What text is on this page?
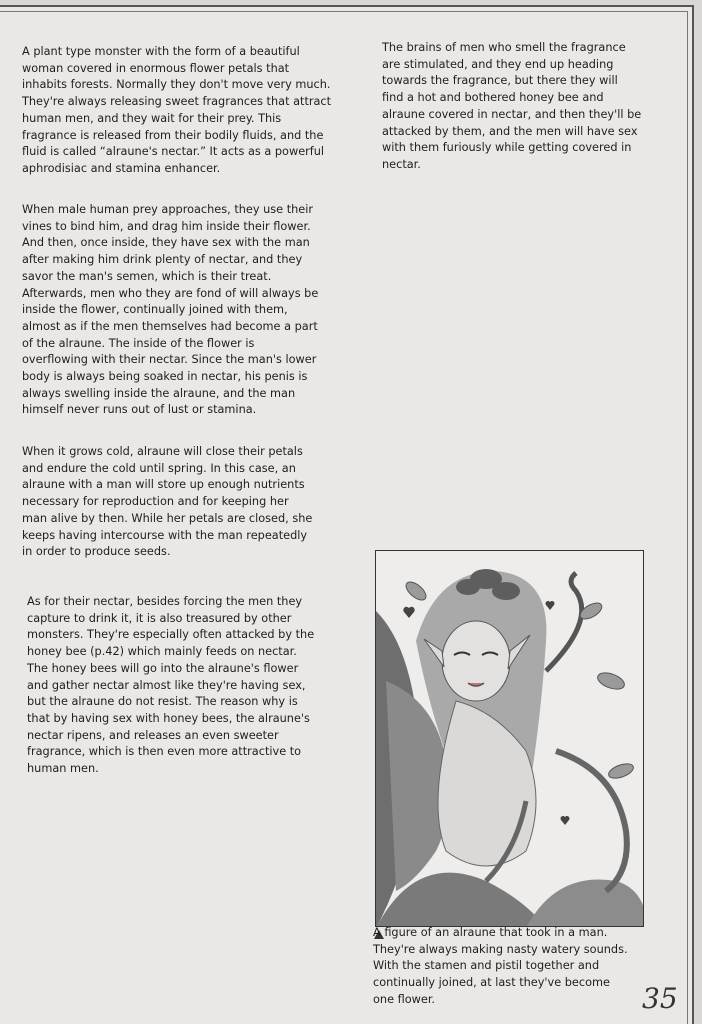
A plant type monster with the form of a beautiful
woman covered in enormous flower petals that
inhabits forests. Normally they don't move very much.
They're always releasing sweet fragrances that attract
human men, and they wait for their prey. This
fragrance is released from their bodily fluids, and the
fluid is called “alraune's nectar.” It acts as a powerful
aphrodisiac and stamina enhancer.

When male human prey approaches, they use their
vines to bind him, and drag him inside their flower.
And then, once inside, they have sex with the man
after making him drink plenty of nectar, and they
savor the man's semen, which is their treat.
Afterwards, men who they are fond of will always be
inside the flower, continually joined with them,
almost as if the men themselves had become a part
of the alraune. The inside of the flower is
overflowing with their nectar. Since the man's lower
body is always being soaked in nectar, his penis is
always swelling inside the alraune, and the man
himself never runs out of lust or stamina.

When it grows cold, alraune will close their petals
and endure the cold until spring. In this case, an
alraune with a man will store up enough nutrients
necessary for reproduction and for keeping her
man alive by then. While her petals are closed, she
keeps having intercourse with the man repeatedly
in order to produce seeds.

As for their nectar, besides forcing the men they
capture to drink it, it is also treasured by other
monsters. They're especially often attacked by the
honey bee (p.42) which mainly feeds on nectar.
The honey bees will go into the alraune's flower
and gather nectar almost like they're having sex,
but the alraune do not resist. The reason why is
that by having sex with honey bees, the alraune's
nectar ripens, and releases an even sweeter
fragrance, which is then even more attractive to
human men.

The brains of men who smell the fragrance
are stimulated, and they end up heading
towards the fragrance, but there they will
find a hot and bothered honey bee and
alraune covered in nectar, and then they'll be
attacked by them, and the men will have sex
with them furiously while getting covered in
nectar.

A figure of an alraune that took in a man.
They're always making nasty watery sounds.
With the stamen and pistil together and
continually joined, at last they've become
one flower.	35
